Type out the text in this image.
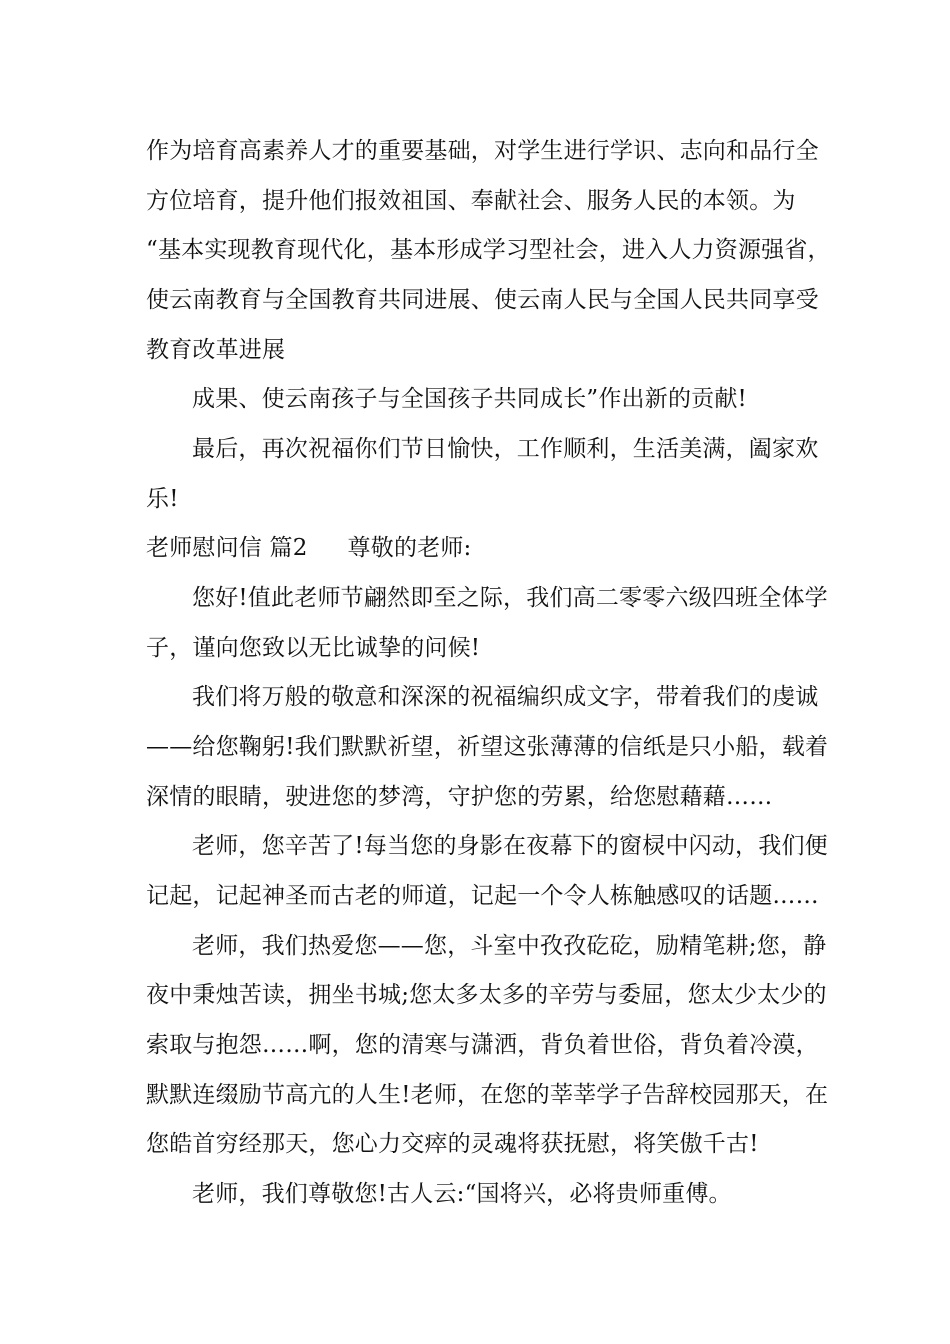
作为培育高素养人才的重要基础，对学生进行学识、志向和品行全
方位培育，提升他们报效祖国、奉献社会、服务人民的本领。为
“基本实现教育现代化，基本形成学习型社会，进入人力资源强省，
使云南教育与全国教育共同进展、使云南人民与全国人民共同享受
教育改革进展
成果、使云南孩子与全国孩子共同成长”作出新的贡献!
最后，再次祝福你们节日愉快，工作顺利，生活美满，阖家欢
乐!
老师慰问信 篇2 尊敬的老师:
您好!值此老师节翩然即至之际，我们高二零零六级四班全体学
子，谨向您致以无比诚挚的问候!
我们将万般的敬意和深深的祝福编织成文字，带着我们的虔诚
——给您鞠躬!我们默默祈望，祈望这张薄薄的信纸是只小船，载着
深情的眼睛，驶进您的梦湾，守护您的劳累，给您慰藉藉……
老师，您辛苦了!每当您的身影在夜幕下的窗棂中闪动，我们便
记起，记起神圣而古老的师道，记起一个令人栋触感叹的话题……
老师，我们热爱您——您，斗室中孜孜矻矻，励精笔耕;您，静
夜中秉烛苦读，拥坐书城;您太多太多的辛劳与委屈，您太少太少的
索取与抱怨……啊，您的清寒与潇洒，背负着世俗，背负着冷漠，
默默连缀励节高亢的人生!老师，在您的莘莘学子告辞校园那天，在
您皓首穷经那天，您心力交瘁的灵魂将获抚慰，将笑傲千古!
老师，我们尊敬您!古人云:“国将兴，必将贵师重傅。
